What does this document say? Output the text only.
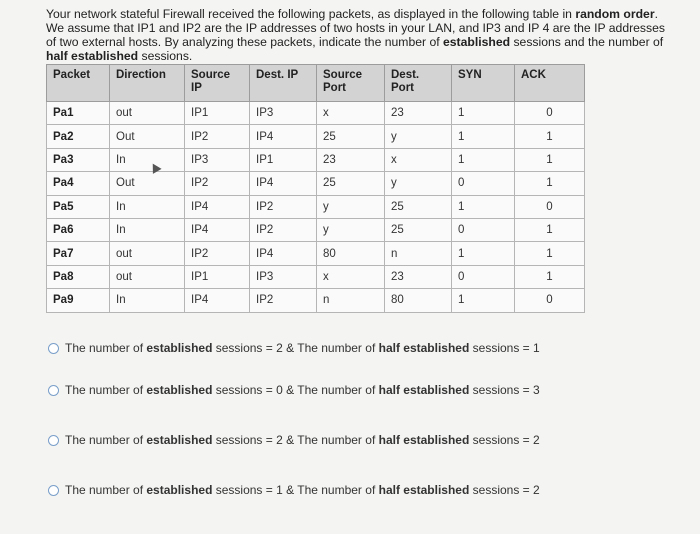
Your network stateful Firewall received the following packets, as displayed in the following table in random order. We assume that IP1 and IP2 are the IP addresses of two hosts in your LAN, and IP3 and IP 4 are the IP addresses of two external hosts. By analyzing these packets, indicate the number of established sessions and the number of half established sessions.

Packet	Direction	Source IP	Dest. IP	Source Port	Dest. Port	SYN	ACK
Pa1	out	IP1	IP3	x	23	1	0
Pa2	Out	IP2	IP4	25	y	1	1
Pa3	In	IP3	IP1	23	x	1	1
Pa4	Out	IP2	IP4	25	y	0	1
Pa5	In	IP4	IP2	y	25	1	0
Pa6	In	IP4	IP2	y	25	0	1
Pa7	out	IP2	IP4	80	n	1	1
Pa8	out	IP1	IP3	x	23	0	1
Pa9	In	IP4	IP2	n	80	1	0
The number of established sessions = 2 & The number of half established sessions = 1
The number of established sessions = 0 & The number of half established sessions = 3
The number of established sessions = 2 & The number of half established sessions = 2
The number of established sessions = 1 & The number of half established sessions = 2
